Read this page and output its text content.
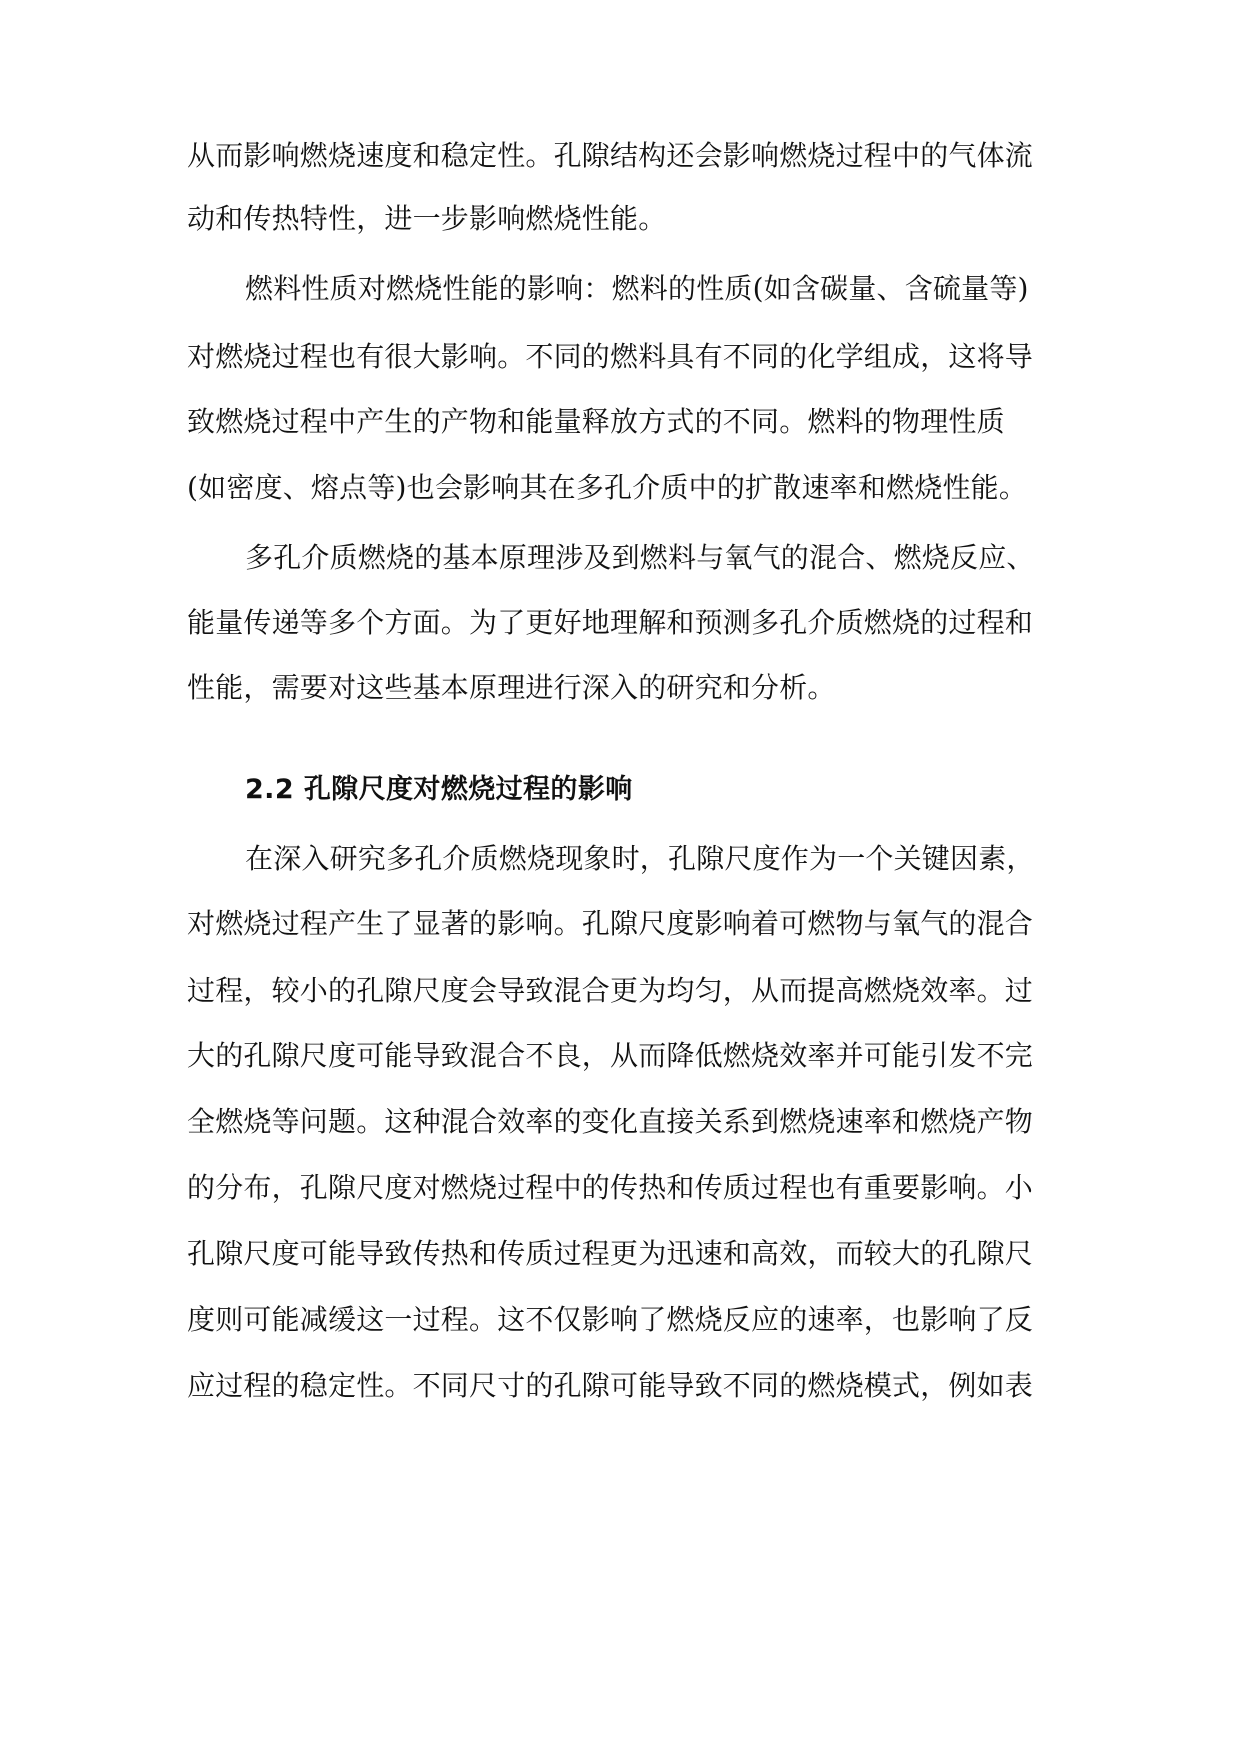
从而影响燃烧速度和稳定性。孔隙结构还会影响燃烧过程中的气体流
动和传热特性，进一步影响燃烧性能。
燃料性质对燃烧性能的影响：燃料的性质(如含碳量、含硫量等)
对燃烧过程也有很大影响。不同的燃料具有不同的化学组成，这将导
致燃烧过程中产生的产物和能量释放方式的不同。燃料的物理性质
(如密度、熔点等)也会影响其在多孔介质中的扩散速率和燃烧性能。
多孔介质燃烧的基本原理涉及到燃料与氧气的混合、燃烧反应、
能量传递等多个方面。为了更好地理解和预测多孔介质燃烧的过程和
性能，需要对这些基本原理进行深入的研究和分析。
2.2 孔隙尺度对燃烧过程的影响
在深入研究多孔介质燃烧现象时，孔隙尺度作为一个关键因素，
对燃烧过程产生了显著的影响。孔隙尺度影响着可燃物与氧气的混合
过程，较小的孔隙尺度会导致混合更为均匀，从而提高燃烧效率。过
大的孔隙尺度可能导致混合不良，从而降低燃烧效率并可能引发不完
全燃烧等问题。这种混合效率的变化直接关系到燃烧速率和燃烧产物
的分布，孔隙尺度对燃烧过程中的传热和传质过程也有重要影响。小
孔隙尺度可能导致传热和传质过程更为迅速和高效，而较大的孔隙尺
度则可能减缓这一过程。这不仅影响了燃烧反应的速率，也影响了反
应过程的稳定性。不同尺寸的孔隙可能导致不同的燃烧模式，例如表
